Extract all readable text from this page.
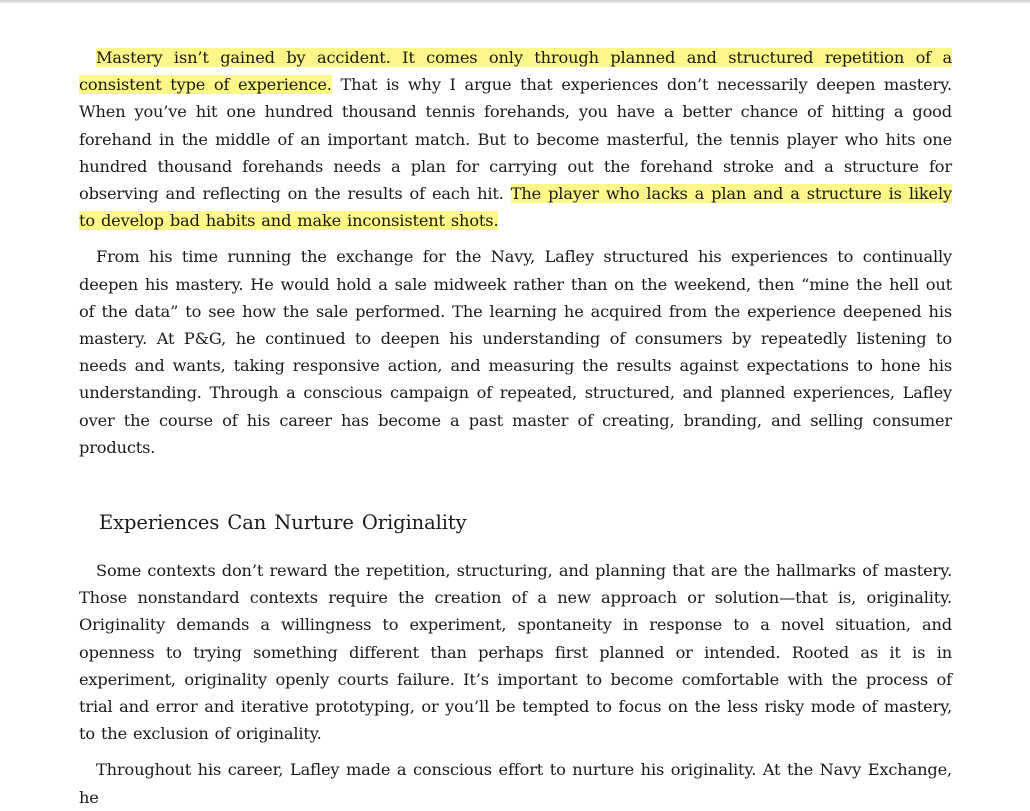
Mastery isn’t gained by accident. It comes only through planned and structured repetition of a consistent type of experience. That is why I argue that experiences don’t necessarily deepen mastery. When you’ve hit one hundred thousand tennis forehands, you have a better chance of hitting a good forehand in the middle of an important match. But to become masterful, the tennis player who hits one hundred thousand forehands needs a plan for carrying out the forehand stroke and a structure for observing and reflecting on the results of each hit. The player who lacks a plan and a structure is likely to develop bad habits and make inconsistent shots.

From his time running the exchange for the Navy, Lafley structured his experiences to continually deepen his mastery. He would hold a sale midweek rather than on the weekend, then “mine the hell out of the data” to see how the sale performed. The learning he acquired from the experience deepened his mastery. At P&G, he continued to deepen his understanding of consumers by repeatedly listening to needs and wants, taking responsive action, and measuring the results against expectations to hone his understanding. Through a conscious campaign of repeated, structured, and planned experiences, Lafley over the course of his career has become a past master of creating, branding, and selling consumer products.

Experiences Can Nurture Originality

Some contexts don’t reward the repetition, structuring, and planning that are the hallmarks of mastery. Those nonstandard contexts require the creation of a new approach or solution—that is, originality. Originality demands a willingness to experiment, spontaneity in response to a novel situation, and openness to trying something different than perhaps first planned or intended. Rooted as it is in experiment, originality openly courts failure. It’s important to become comfortable with the process of trial and error and iterative prototyping, or you’ll be tempted to focus on the less risky mode of mastery, to the exclusion of originality.

Throughout his career, Lafley made a conscious effort to nurture his originality. At the Navy Exchange, he
